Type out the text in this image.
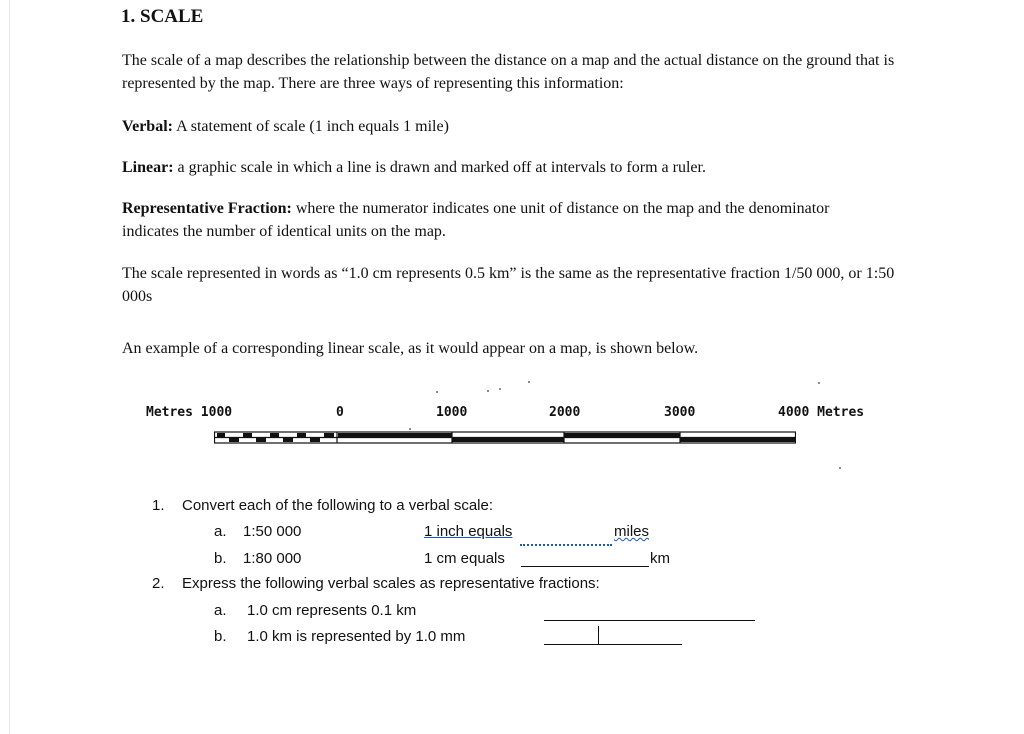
1. SCALE
The scale of a map describes the relationship between the distance on a map and the actual distance on the ground that is represented by the map. There are three ways of representing this information:
Verbal: A statement of scale (1 inch equals 1 mile)
Linear: a graphic scale in which a line is drawn and marked off at intervals to form a ruler.
Representative Fraction: where the numerator indicates one unit of distance on the map and the denominator indicates the number of identical units on the map.
The scale represented in words as “1.0 cm represents 0.5 km” is the same as the representative fraction 1/50 000, or 1:50 000s
An example of a corresponding linear scale, as it would appear on a map, is shown below.
Metres 1000	0	1000	2000	3000	4000 Metres
1. Convert each of the following to a verbal scale:
a. 1:50 000	1 inch equals	miles
b. 1:80 000	1 cm equals	km
2. Express the following verbal scales as representative fractions:
a. 1.0 cm represents 0.1 km
b. 1.0 km is represented by 1.0 mm
